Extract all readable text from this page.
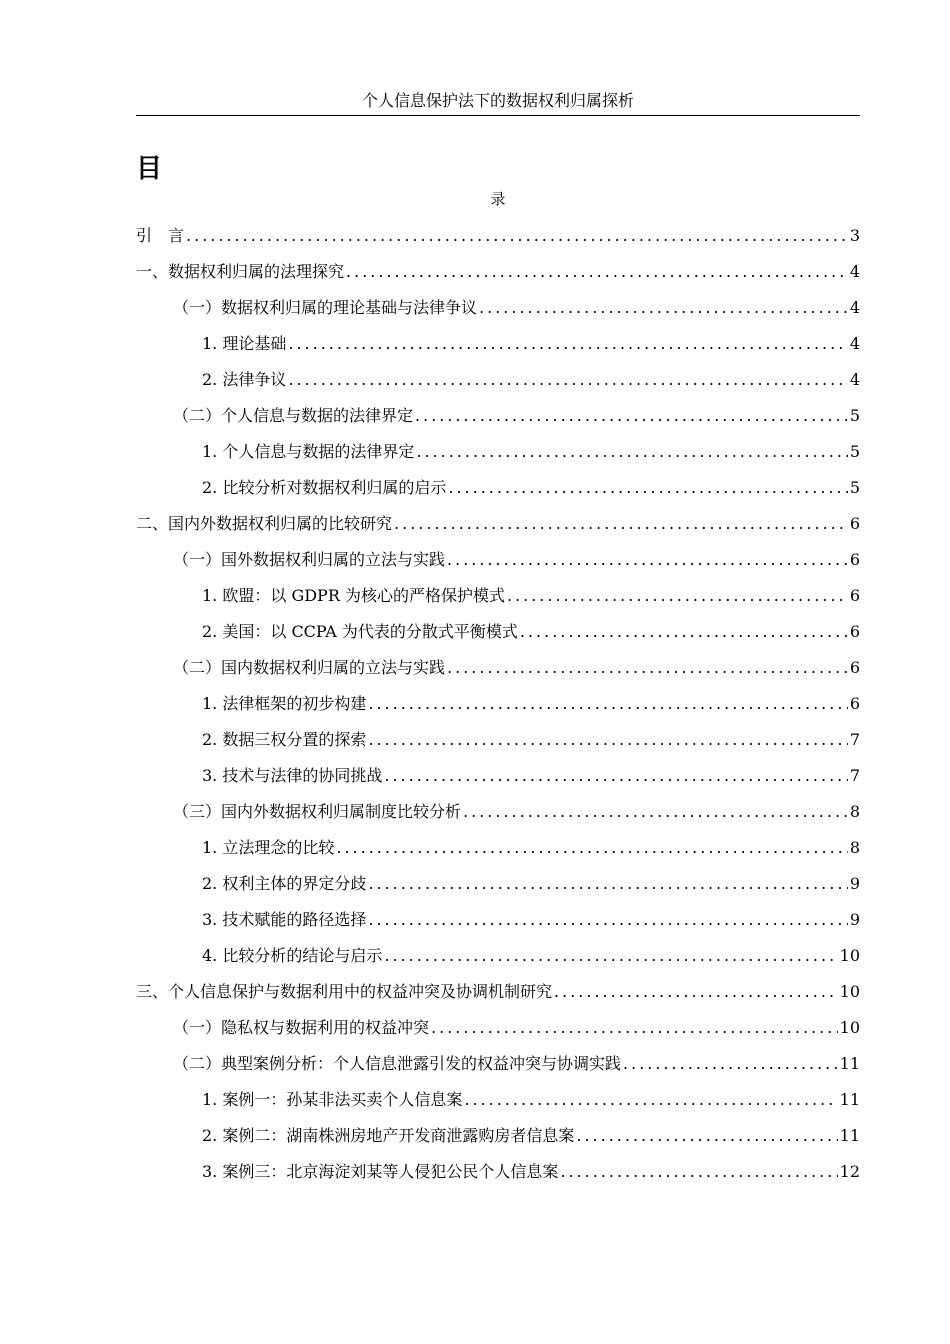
个人信息保护法下的数据权利归属探析
目
录
引　言 .....	3
一、数据权利归属的法理探究 .....	4
（一）数据权利归属的理论基础与法律争议 .....	4
1. 理论基础 .....	4
2. 法律争议 .....	4
（二）个人信息与数据的法律界定 .....	5
1. 个人信息与数据的法律界定 .....	5
2. 比较分析对数据权利归属的启示 .....	5
二、国内外数据权利归属的比较研究 .....	6
（一）国外数据权利归属的立法与实践 .....	6
1. 欧盟：以 GDPR 为核心的严格保护模式 .....	6
2. 美国：以 CCPA 为代表的分散式平衡模式 .....	6
（二）国内数据权利归属的立法与实践 .....	6
1. 法律框架的初步构建 .....	6
2. 数据三权分置的探索 .....	7
3. 技术与法律的协同挑战 .....	7
（三）国内外数据权利归属制度比较分析 .....	8
1. 立法理念的比较 .....	8
2. 权利主体的界定分歧 .....	9
3. 技术赋能的路径选择 .....	9
4. 比较分析的结论与启示 .....	10
三、个人信息保护与数据利用中的权益冲突及协调机制研究 .....	10
（一）隐私权与数据利用的权益冲突 .....	10
（二）典型案例分析：个人信息泄露引发的权益冲突与协调实践 .....	11
1. 案例一：孙某非法买卖个人信息案 .....	11
2. 案例二：湖南株洲房地产开发商泄露购房者信息案 .....	11
3. 案例三：北京海淀刘某等人侵犯公民个人信息案 .....	12
